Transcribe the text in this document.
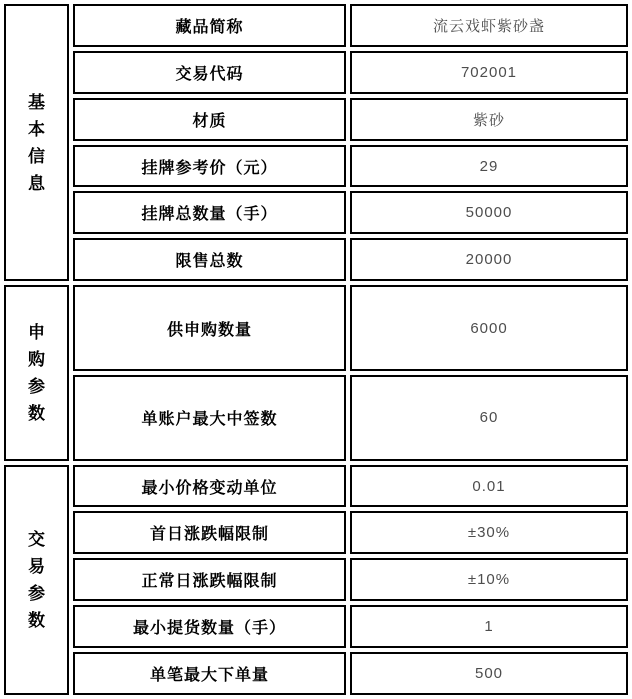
基
本
信
息	藏品简称	流云戏虾紫砂盏
	交易代码	702001
	材质	紫砂
	挂牌参考价（元）	29
	挂牌总数量（手）	50000
	限售总数	20000

申
购
参
数	供申购数量	6000
	单账户最大中签数	60

交
易
参
数	最小价格变动单位	0.01
	首日涨跌幅限制	±30%
	正常日涨跌幅限制	±10%
	最小提货数量（手）	1
	单笔最大下单量	500
